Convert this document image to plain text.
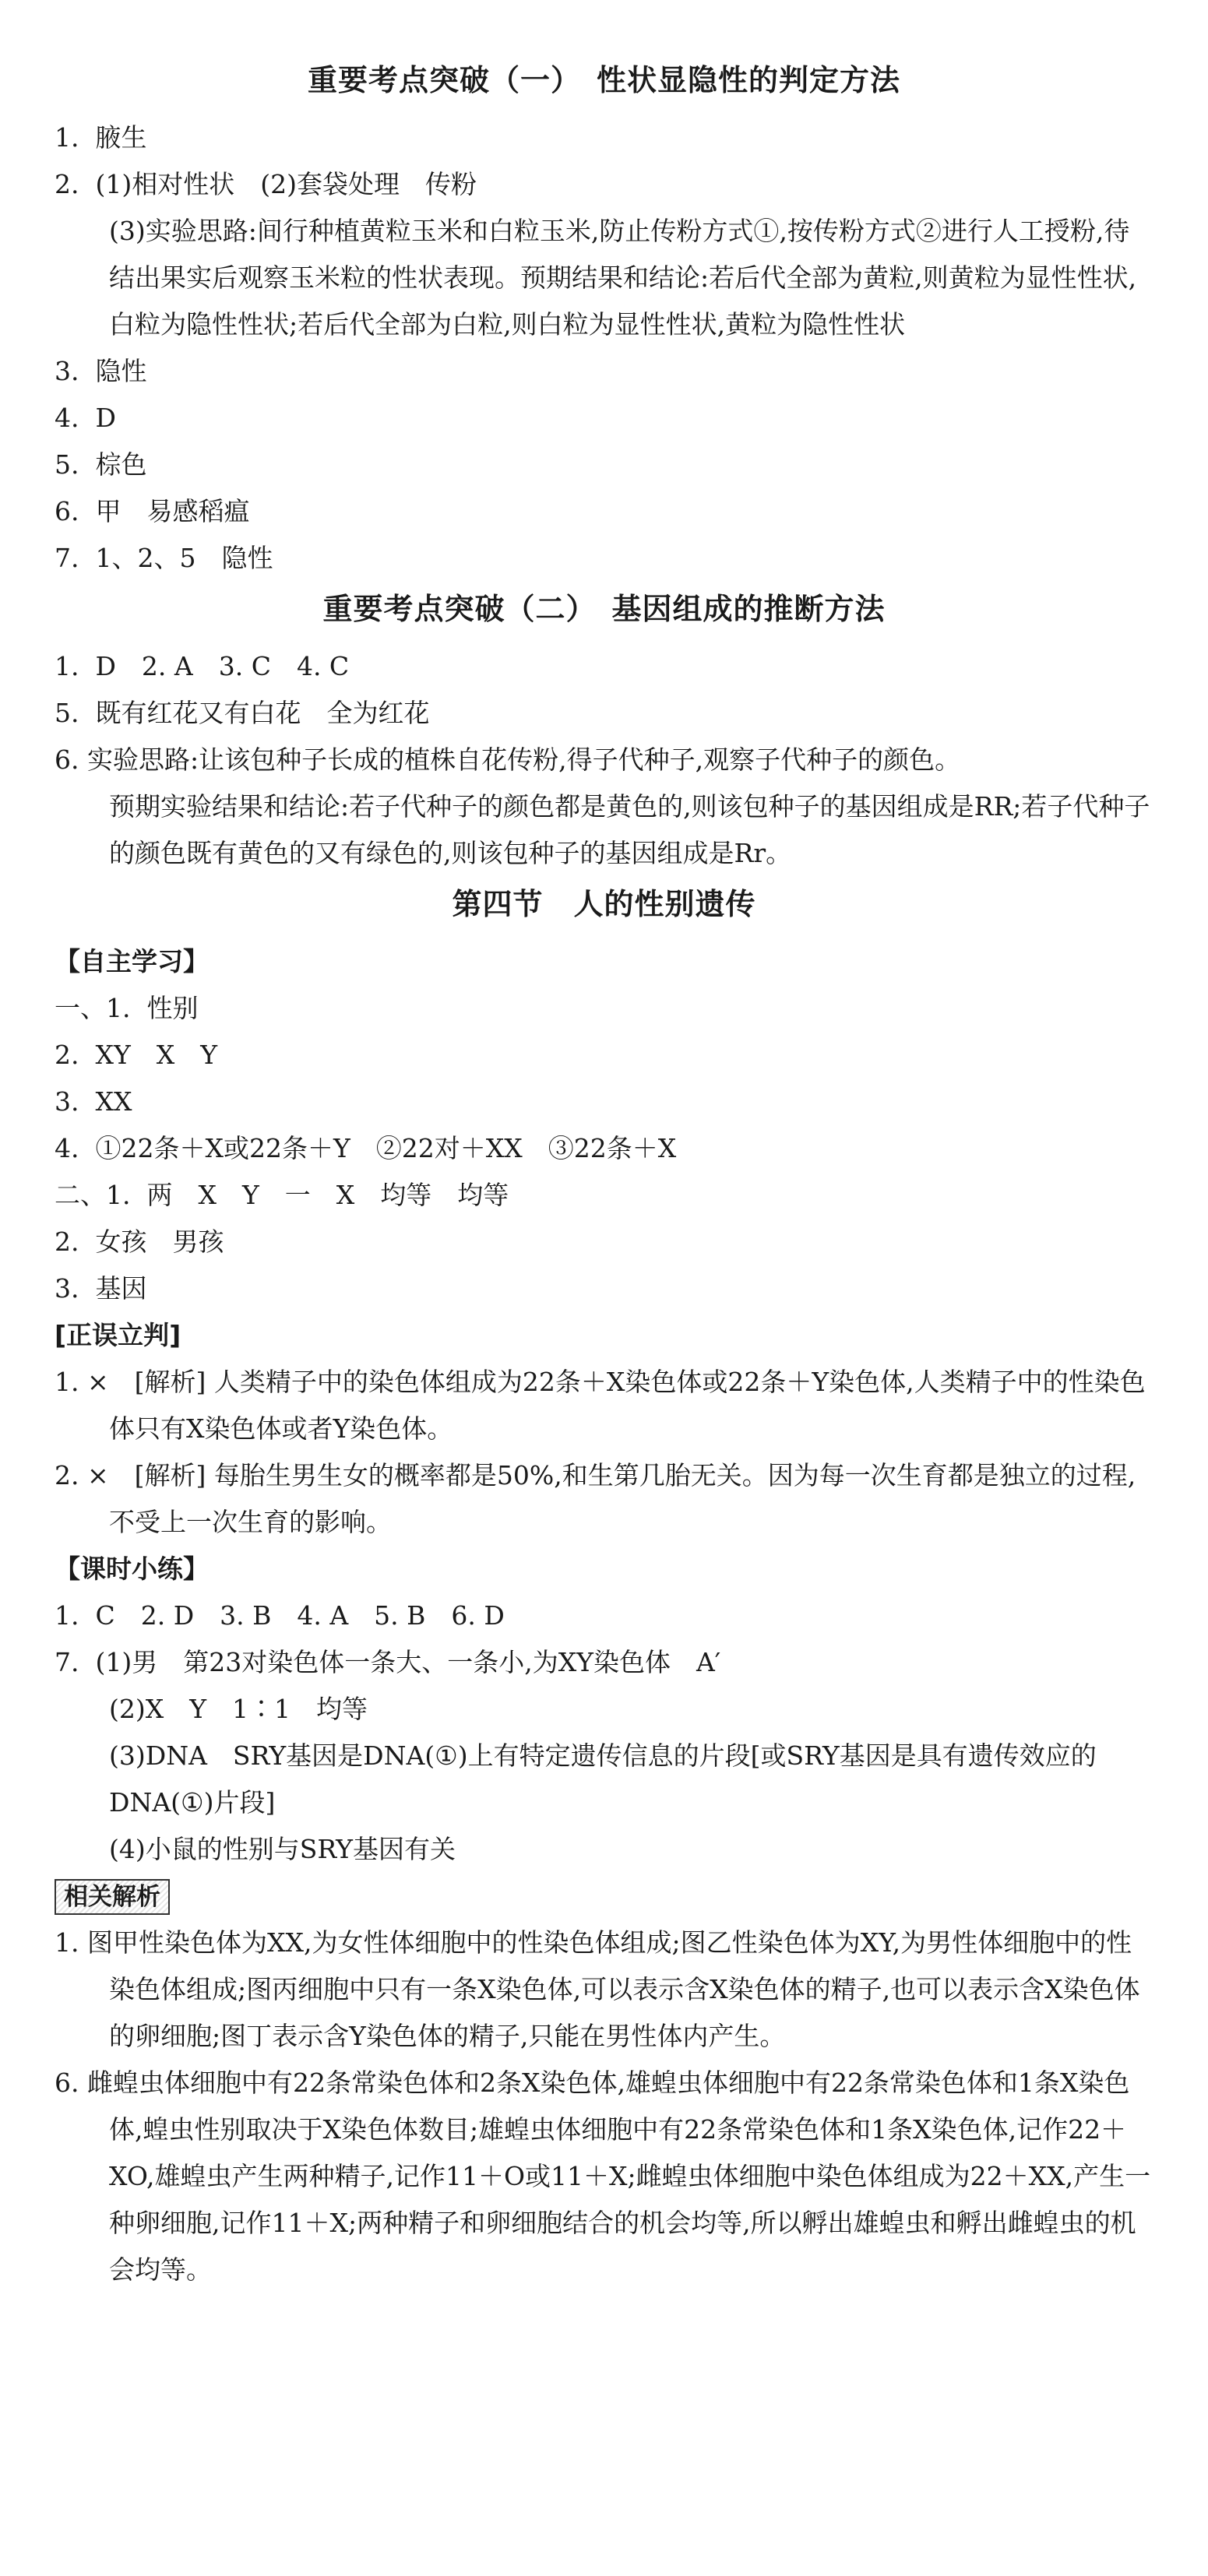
重要考点突破（一）　性状显隐性的判定方法
1.  腋生
2.  (1)相对性状　(2)套袋处理　传粉
(3)实验思路:间行种植黄粒玉米和白粒玉米,防止传粉方式①,按传粉方式②进行人工授粉,待结出果实后观察玉米粒的性状表现。预期结果和结论:若后代全部为黄粒,则黄粒为显性性状,白粒为隐性性状;若后代全部为白粒,则白粒为显性性状,黄粒为隐性性状
3.  隐性
4.  D
5.  棕色
6.  甲　易感稻瘟
7.  1、2、5　隐性
重要考点突破（二）　基因组成的推断方法
1.  D　2. A　3. C　4. C
5.  既有红花又有白花　全为红花
6. 实验思路:让该包种子长成的植株自花传粉,得子代种子,观察子代种子的颜色。
预期实验结果和结论:若子代种子的颜色都是黄色的,则该包种子的基因组成是RR;若子代种子的颜色既有黄色的又有绿色的,则该包种子的基因组成是Rr。
第四节　人的性别遗传
【自主学习】
一、1.  性别
2.  XY　X　Y
3.  XX
4.  ①22条＋X或22条＋Y　②22对＋XX　③22条＋X
二、1.  两　X　Y　一　X　均等　均等
2.  女孩　男孩
3.  基因
[正误立判]
1. ×　[解析] 人类精子中的染色体组成为22条＋X染色体或22条＋Y染色体,人类精子中的性染色体只有X染色体或者Y染色体。
2. ×　[解析] 每胎生男生女的概率都是50%,和生第几胎无关。因为每一次生育都是独立的过程,不受上一次生育的影响。
【课时小练】
1.  C　2. D　3. B　4. A　5. B　6. D
7.  (1)男　第23对染色体一条大、一条小,为XY染色体　A′
(2)X　Y　1∶1　均等
(3)DNA　SRY基因是DNA(①)上有特定遗传信息的片段[或SRY基因是具有遗传效应的DNA(①)片段]
(4)小鼠的性别与SRY基因有关
相关解析
1. 图甲性染色体为XX,为女性体细胞中的性染色体组成;图乙性染色体为XY,为男性体细胞中的性染色体组成;图丙细胞中只有一条X染色体,可以表示含X染色体的精子,也可以表示含X染色体的卵细胞;图丁表示含Y染色体的精子,只能在男性体内产生。
6. 雌蝗虫体细胞中有22条常染色体和2条X染色体,雄蝗虫体细胞中有22条常染色体和1条X染色体,蝗虫性别取决于X染色体数目;雄蝗虫体细胞中有22条常染色体和1条X染色体,记作22＋XO,雄蝗虫产生两种精子,记作11＋O或11＋X;雌蝗虫体细胞中染色体组成为22＋XX,产生一种卵细胞,记作11＋X;两种精子和卵细胞结合的机会均等,所以孵出雄蝗虫和孵出雌蝗虫的机会均等。
